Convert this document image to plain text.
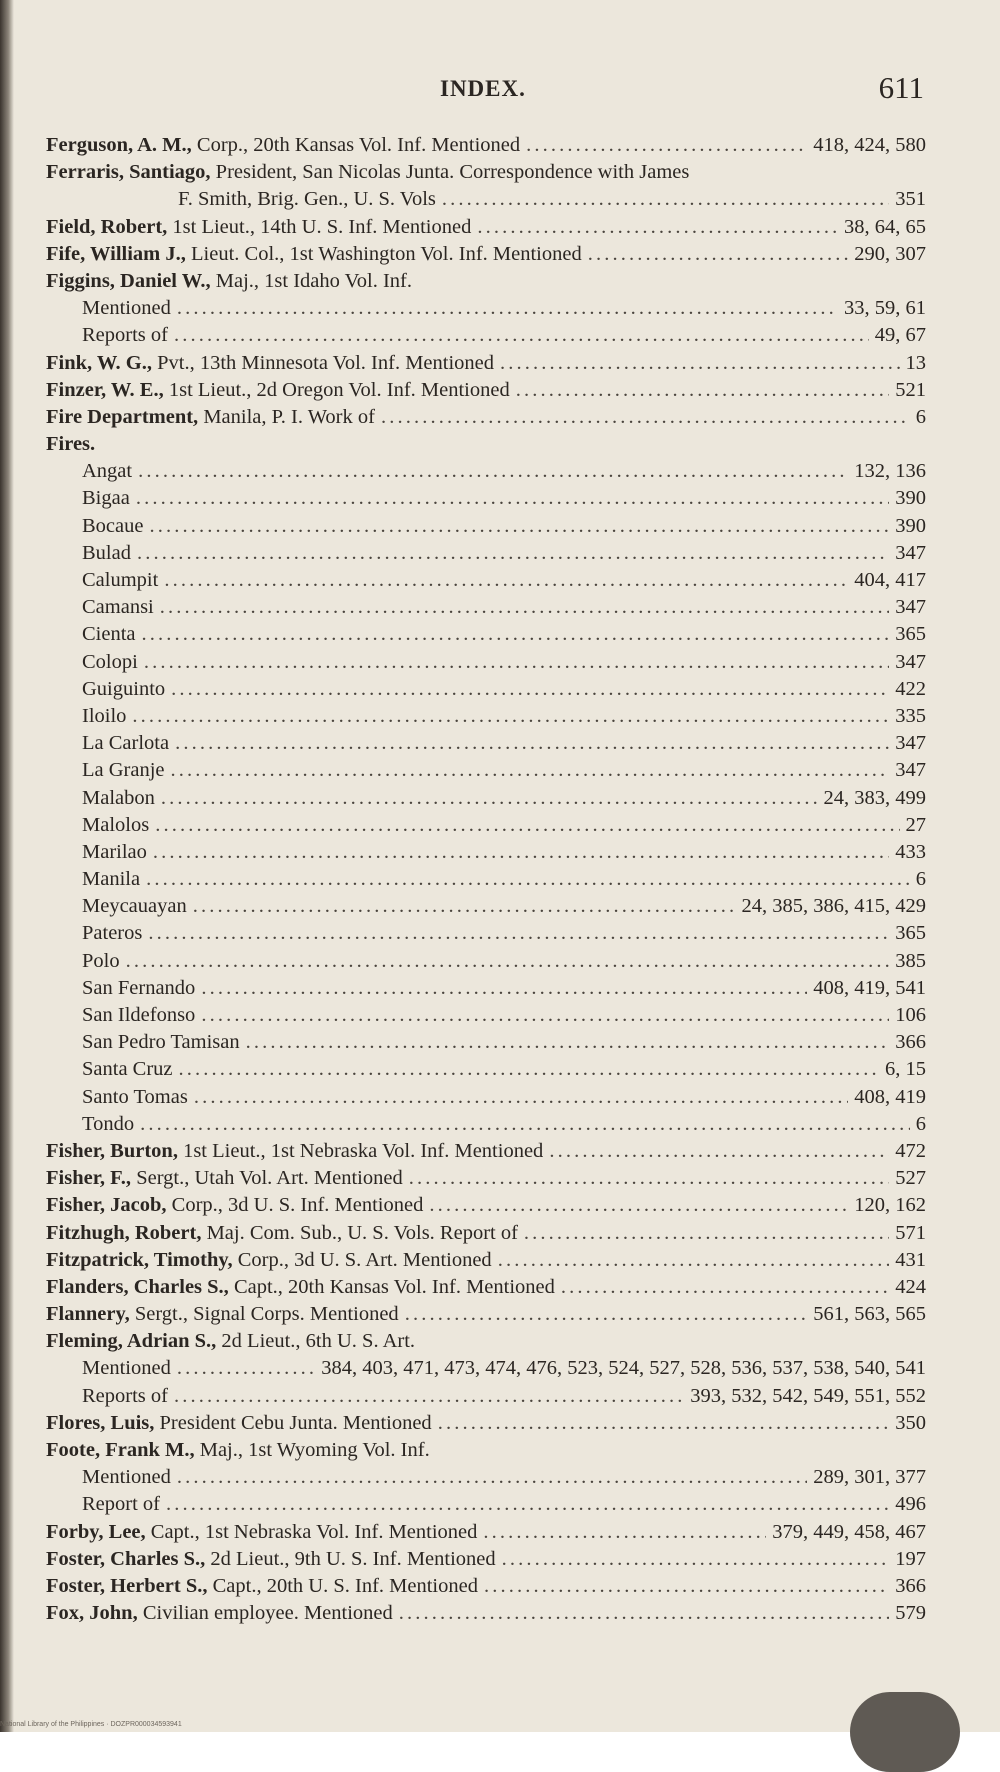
INDEX.	611
Ferguson, A. M., Corp., 20th Kansas Vol. Inf. Mentioned . . .	418, 424, 580
Ferraris, Santiago, President, San Nicolas Junta. Correspondence with James
F. Smith, Brig. Gen., U. S. Vols . . .	351
Field, Robert, 1st Lieut., 14th U. S. Inf. Mentioned . . .	38, 64, 65
Fife, William J., Lieut. Col., 1st Washington Vol. Inf. Mentioned . . .	290, 307
Figgins, Daniel W., Maj., 1st Idaho Vol. Inf.
Mentioned . . .	33, 59, 61
Reports of . . .	49, 67
Fink, W. G., Pvt., 13th Minnesota Vol. Inf. Mentioned . . .	13
Finzer, W. E., 1st Lieut., 2d Oregon Vol. Inf. Mentioned . . .	521
Fire Department, Manila, P. I. Work of . . .	6
Fires.
Angat . . .	132, 136
Bigaa . . .	390
Bocaue . . .	390
Bulad . . .	347
Calumpit . . .	404, 417
Camansi . . .	347
Cienta . . .	365
Colopi . . .	347
Guiguinto . . .	422
Iloilo . . .	335
La Carlota . . .	347
La Granje . . .	347
Malabon . . .	24, 383, 499
Malolos . . .	27
Marilao . . .	433
Manila . . .	6
Meycauayan . . .	24, 385, 386, 415, 429
Pateros . . .	365
Polo . . .	385
San Fernando . . .	408, 419, 541
San Ildefonso . . .	106
San Pedro Tamisan . . .	366
Santa Cruz . . .	6, 15
Santo Tomas . . .	408, 419
Tondo . . .	6
Fisher, Burton, 1st Lieut., 1st Nebraska Vol. Inf. Mentioned . . .	472
Fisher, F., Sergt., Utah Vol. Art. Mentioned . . .	527
Fisher, Jacob, Corp., 3d U. S. Inf. Mentioned . . .	120, 162
Fitzhugh, Robert, Maj. Com. Sub., U. S. Vols. Report of . . .	571
Fitzpatrick, Timothy, Corp., 3d U. S. Art. Mentioned . . .	431
Flanders, Charles S., Capt., 20th Kansas Vol. Inf. Mentioned . . .	424
Flannery, Sergt., Signal Corps. Mentioned . . .	561, 563, 565
Fleming, Adrian S., 2d Lieut., 6th U. S. Art.
Mentioned . . .	384, 403, 471, 473, 474, 476, 523, 524, 527, 528, 536, 537, 538, 540, 541
Reports of . . .	393, 532, 542, 549, 551, 552
Flores, Luis, President Cebu Junta. Mentioned . . .	350
Foote, Frank M., Maj., 1st Wyoming Vol. Inf.
Mentioned . . .	289, 301, 377
Report of . . .	496
Forby, Lee, Capt., 1st Nebraska Vol. Inf. Mentioned . . .	379, 449, 458, 467
Foster, Charles S., 2d Lieut., 9th U. S. Inf. Mentioned . . .	197
Foster, Herbert S., Capt., 20th U. S. Inf. Mentioned . . .	366
Fox, John, Civilian employee. Mentioned . . .	579
National Library of the Philippines · DOZPR000034593941
